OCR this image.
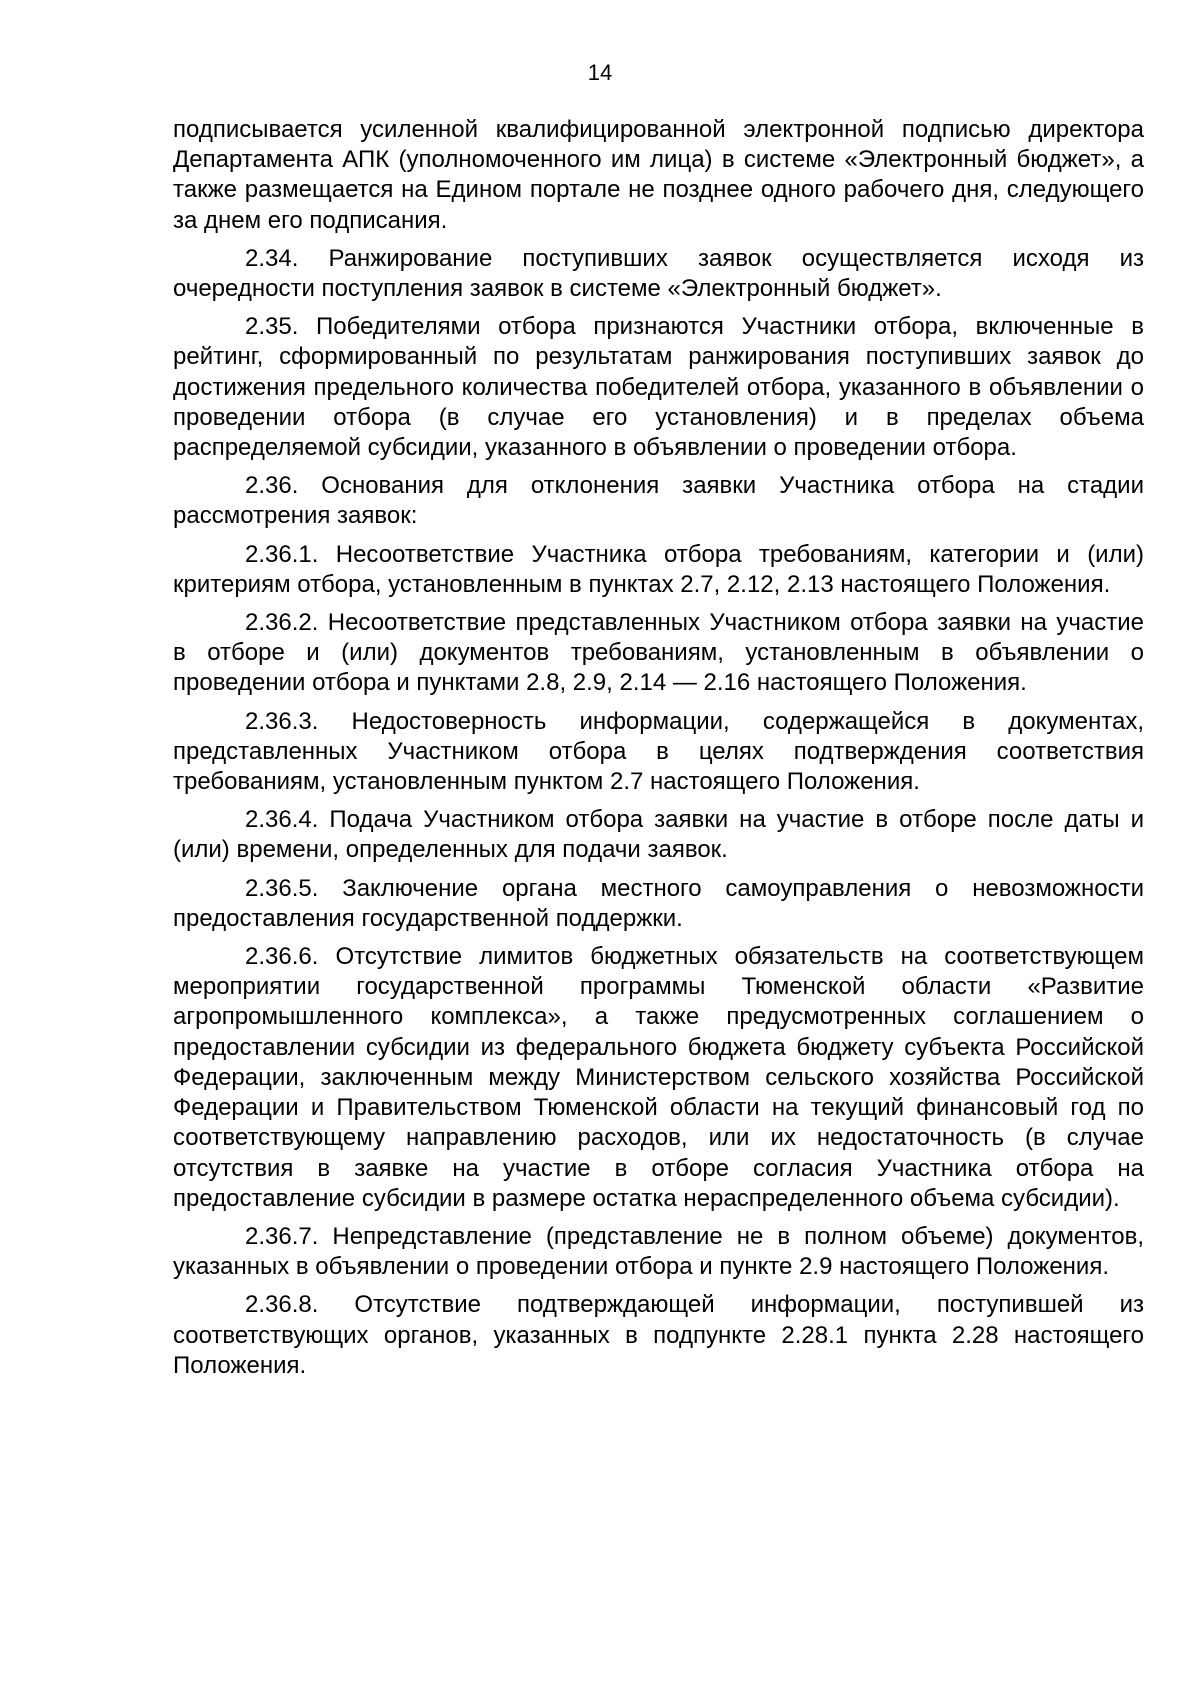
14

подписывается усиленной квалифицированной электронной подписью директора Департамента АПК (уполномоченного им лица) в системе «Электронный бюджет», а также размещается на Едином портале не позднее одного рабочего дня, следующего за днем его подписания.

2.34. Ранжирование поступивших заявок осуществляется исходя из очередности поступления заявок в системе «Электронный бюджет».

2.35. Победителями отбора признаются Участники отбора, включенные в рейтинг, сформированный по результатам ранжирования поступивших заявок до достижения предельного количества победителей отбора, указанного в объявлении о проведении отбора (в случае его установления) и в пределах объема распределяемой субсидии, указанного в объявлении о проведении отбора.

2.36. Основания для отклонения заявки Участника отбора на стадии рассмотрения заявок:

2.36.1. Несоответствие Участника отбора требованиям, категории и (или) критериям отбора, установленным в пунктах 2.7, 2.12, 2.13 настоящего Положения.

2.36.2. Несоответствие представленных Участником отбора заявки на участие в отборе и (или) документов требованиям, установленным в объявлении о проведении отбора и пунктами 2.8, 2.9, 2.14 — 2.16 настоящего Положения.

2.36.3. Недостоверность информации, содержащейся в документах, представленных Участником отбора в целях подтверждения соответствия требованиям, установленным пунктом 2.7 настоящего Положения.

2.36.4. Подача Участником отбора заявки на участие в отборе после даты и (или) времени, определенных для подачи заявок.

2.36.5. Заключение органа местного самоуправления о невозможности предоставления государственной поддержки.

2.36.6. Отсутствие лимитов бюджетных обязательств на соответствующем мероприятии государственной программы Тюменской области «Развитие агропромышленного комплекса», а также предусмотренных соглашением о предоставлении субсидии из федерального бюджета бюджету субъекта Российской Федерации, заключенным между Министерством сельского хозяйства Российской Федерации и Правительством Тюменской области на текущий финансовый год по соответствующему направлению расходов, или их недостаточность (в случае отсутствия в заявке на участие в отборе согласия Участника отбора на предоставление субсидии в размере остатка нераспределенного объема субсидии).

2.36.7. Непредставление (представление не в полном объеме) документов, указанных в объявлении о проведении отбора и пункте 2.9 настоящего Положения.

2.36.8. Отсутствие подтверждающей информации, поступившей из соответствующих органов, указанных в подпункте 2.28.1 пункта 2.28 настоящего Положения.
